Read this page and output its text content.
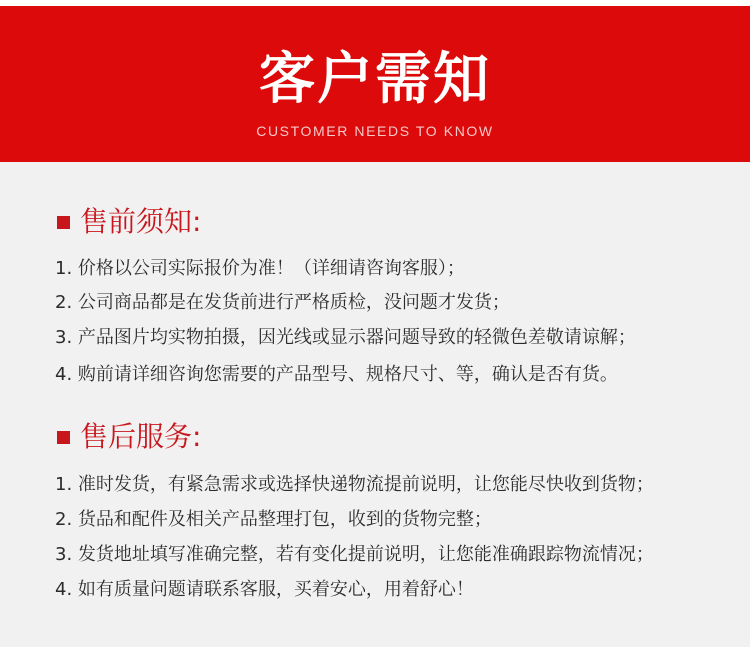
客户需知
CUSTOMER NEEDS TO KNOW
售前须知:
1. 价格以公司实际报价为准！（详细请咨询客服）；
2. 公司商品都是在发货前进行严格质检，没问题才发货；
3. 产品图片均实物拍摄，因光线或显示器问题导致的轻微色差敬请谅解；
4. 购前请详细咨询您需要的产品型号、规格尺寸、等，确认是否有货。
售后服务:
1. 准时发货，有紧急需求或选择快递物流提前说明，让您能尽快收到货物；
2. 货品和配件及相关产品整理打包，收到的货物完整；
3. 发货地址填写准确完整，若有变化提前说明，让您能准确跟踪物流情况；
4. 如有质量问题请联系客服，买着安心，用着舒心！
